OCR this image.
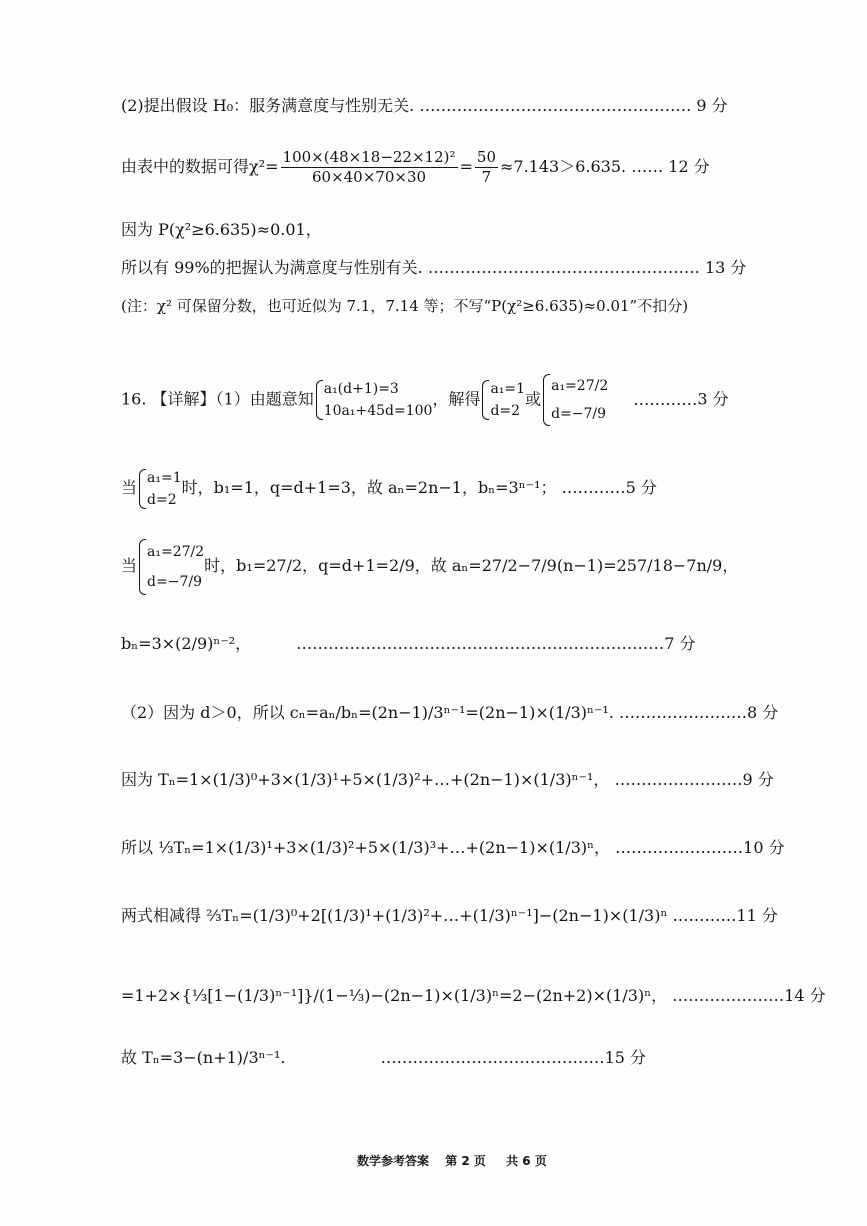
(2)提出假设 H₀：服务满意度与性别无关. …………………………………………… 9 分
由表中的数据可得$\chi^2= \frac{\text{100×(48×18−22×12)²}}{60\times 40\times 70\times 30} = \frac{50}{7} \approx 7.143>6.635$. …… 12 分
因为 P(χ²≥6.635)≈0.01，
所以有 99%的把握认为满意度与性别有关. …………………………………………… 13 分
(注：χ² 可保留分数，也可近似为 7.1，7.14 等；不写“P(χ²≥6.635)≈0.01”不扣分)
16. 【详解】（1）由题意知
a₁(d+1)=3
10a₁+45d=100
，解得
a₁=1
d=2
或
a₁=27/2
d=−7/9
…………3 分
当
a₁=1
d=2
时，b₁=1，q=d+1=3，故 aₙ=2n−1，bₙ=3ⁿ⁻¹； …………5 分
当
a₁=27/2
d=−7/9
时，b₁=27/2，q=d+1=2/9，故 aₙ=27/2−7/9(n−1)=257/18−7n/9，
bₙ=3×(2/9)ⁿ⁻²，	……………………………………………………………7 分
（2）因为 d＞0，所以 cₙ=aₙ/bₙ=(2n−1)/3ⁿ⁻¹=(2n−1)×(1/3)ⁿ⁻¹. ……………………8 分
因为 Tₙ=1×(1/3)⁰+3×(1/3)¹+5×(1/3)²+…+(2n−1)×(1/3)ⁿ⁻¹， ……………………9 分
所以 ⅓Tₙ=1×(1/3)¹+3×(1/3)²+5×(1/3)³+…+(2n−1)×(1/3)ⁿ， ……………………10 分
两式相减得 ⅔Tₙ=(1/3)⁰+2[(1/3)¹+(1/3)²+…+(1/3)ⁿ⁻¹]−(2n−1)×(1/3)ⁿ …………11 分
=1+2×{⅓[1−(1/3)ⁿ⁻¹]}/(1−⅓)−(2n−1)×(1/3)ⁿ=2−(2n+2)×(1/3)ⁿ， …………………14 分
故 Tₙ=3−(n+1)/3ⁿ⁻¹.	……………………………………15 分
数学参考答案 第 2 页 共 6 页
